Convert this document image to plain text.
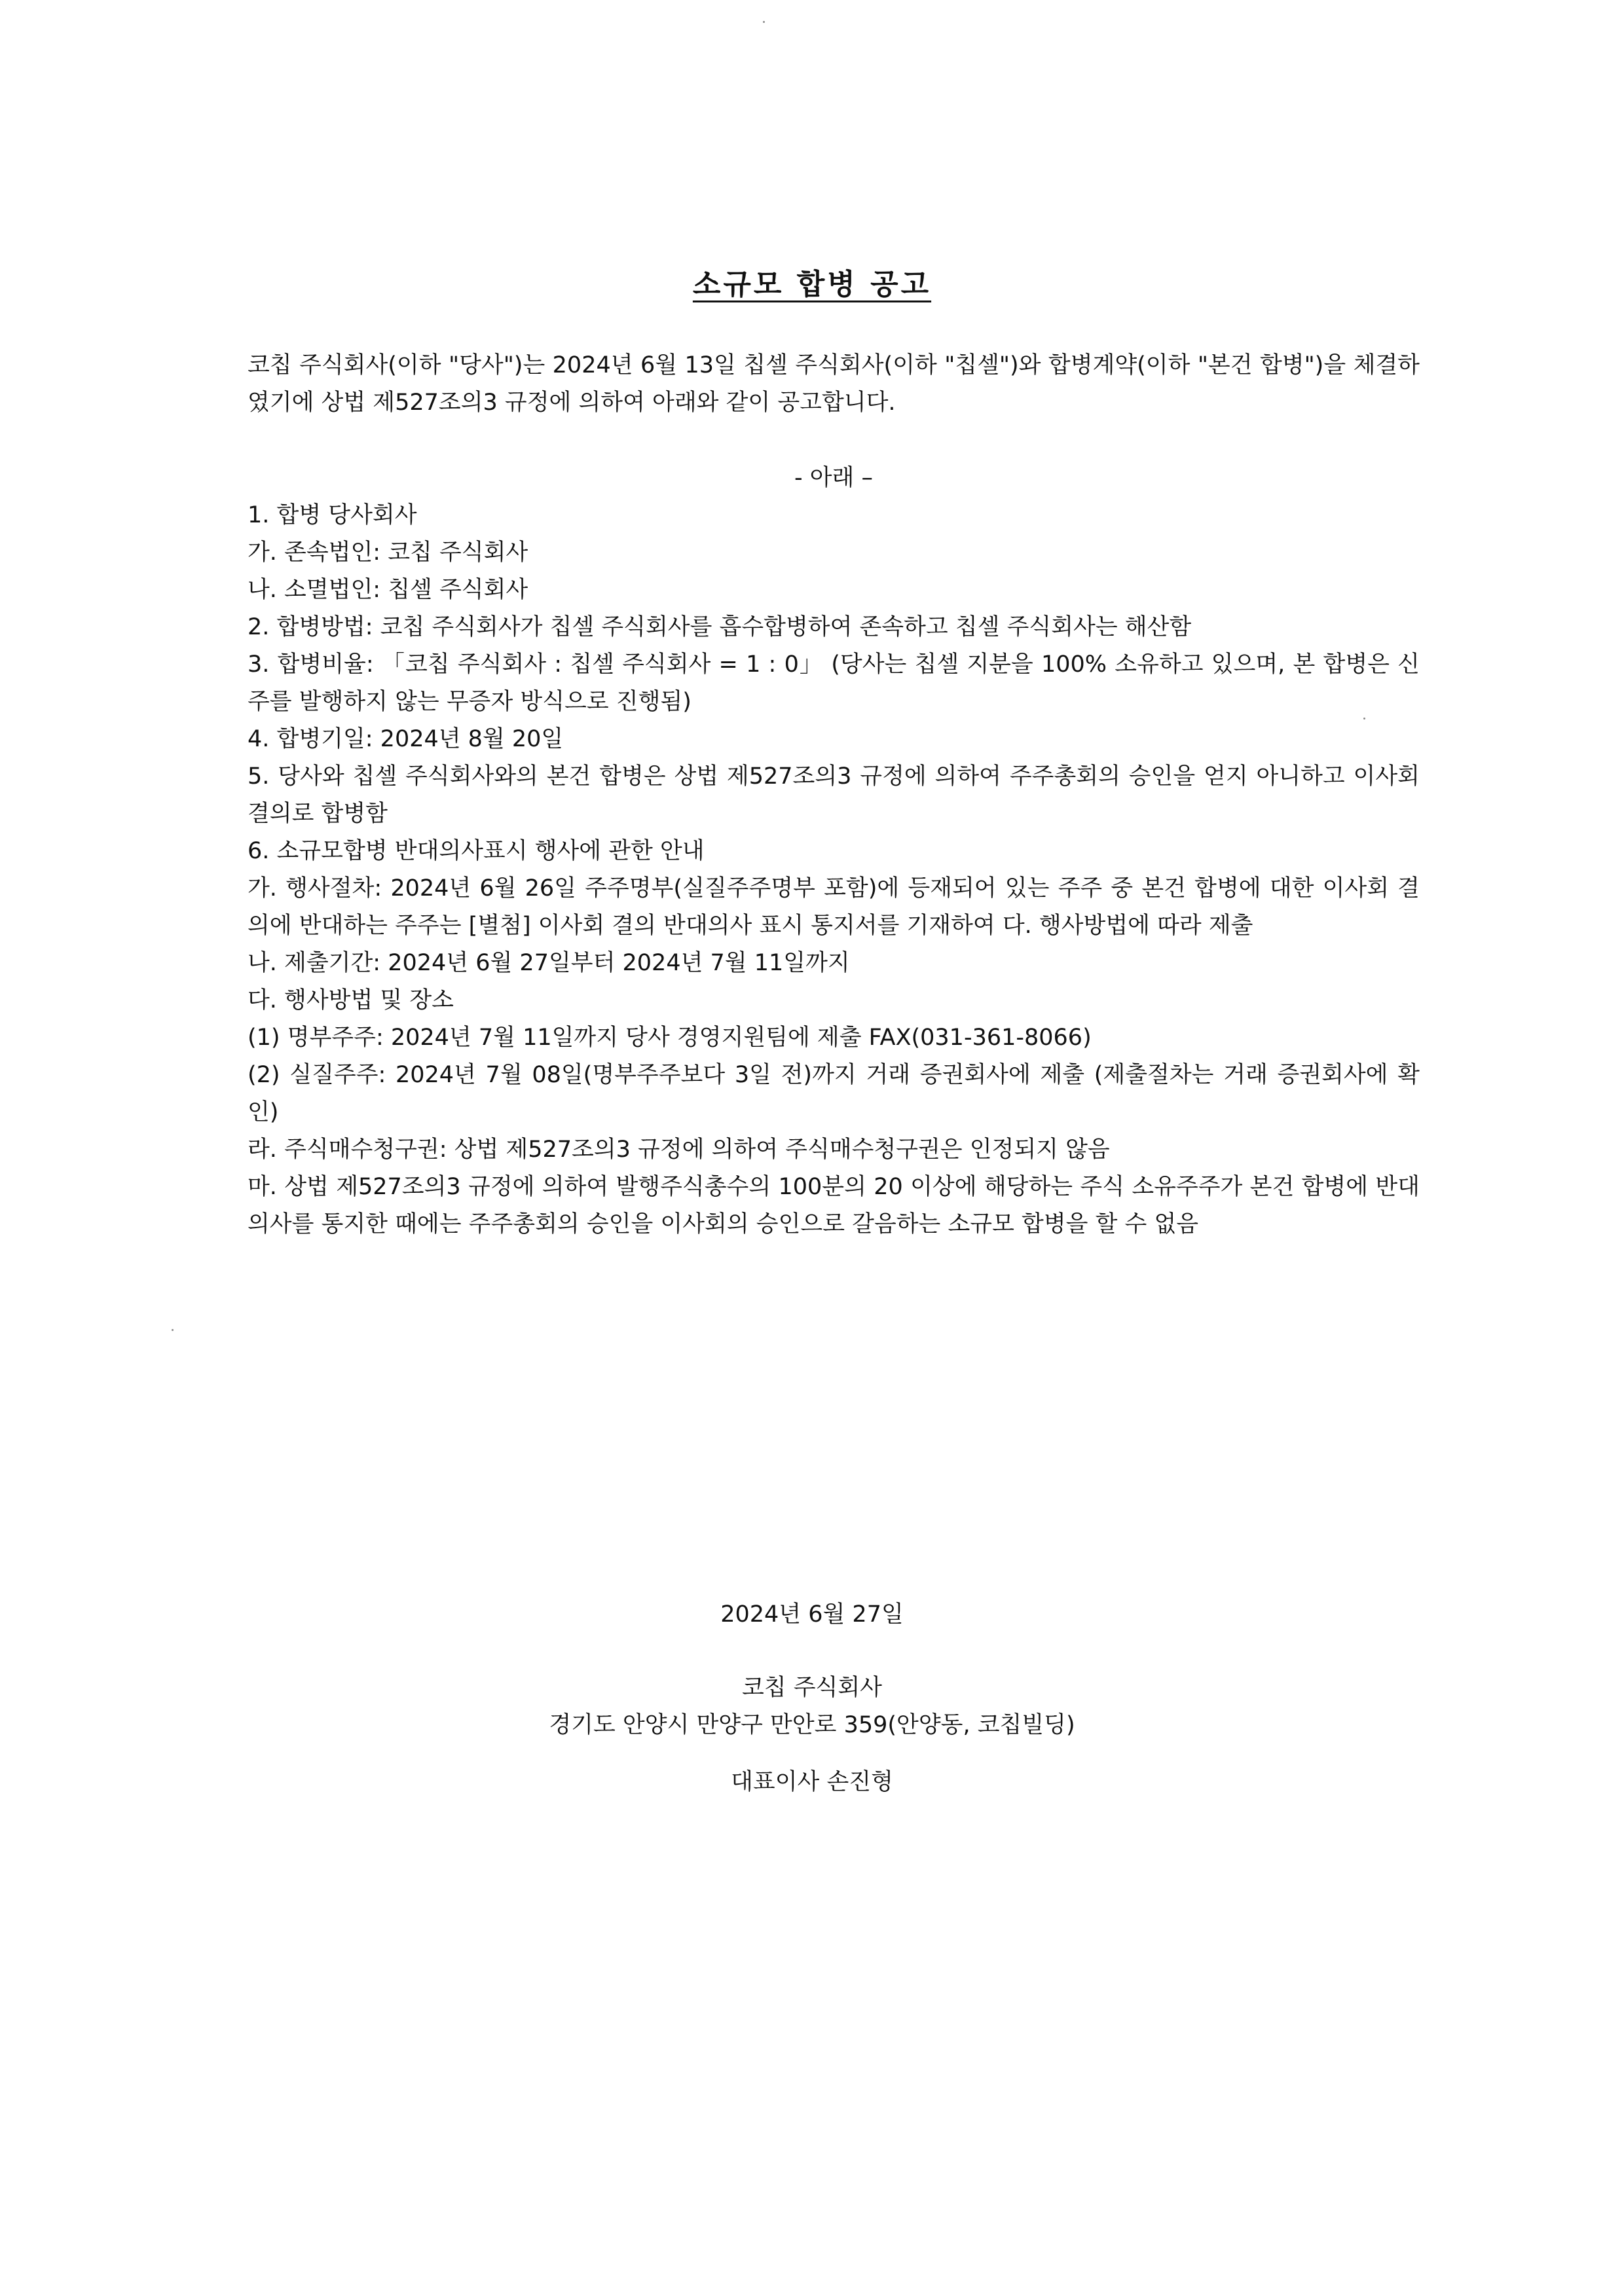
소규모 합병 공고

코칩 주식회사(이하 "당사")는 2024년 6월 13일 칩셀 주식회사(이하 "칩셀")와 합병계약(이하 "본건 합병")을 체결하였기에 상법 제527조의3 규정에 의하여 아래와 같이 공고합니다.

- 아래 –

1. 합병 당사회사
가. 존속법인: 코칩 주식회사
나. 소멸법인: 칩셀 주식회사
2. 합병방법: 코칩 주식회사가 칩셀 주식회사를 흡수합병하여 존속하고 칩셀 주식회사는 해산함
3. 합병비율: 「코칩 주식회사 : 칩셀 주식회사 = 1 : 0」 (당사는 칩셀 지분을 100% 소유하고 있으며, 본 합병은 신주를 발행하지 않는 무증자 방식으로 진행됨)
4. 합병기일: 2024년 8월 20일
5. 당사와 칩셀 주식회사와의 본건 합병은 상법 제527조의3 규정에 의하여 주주총회의 승인을 얻지 아니하고 이사회 결의로 합병함
6. 소규모합병 반대의사표시 행사에 관한 안내
가. 행사절차: 2024년 6월 26일 주주명부(실질주주명부 포함)에 등재되어 있는 주주 중 본건 합병에 대한 이사회 결의에 반대하는 주주는 [별첨] 이사회 결의 반대의사 표시 통지서를 기재하여 다. 행사방법에 따라 제출
나. 제출기간: 2024년 6월 27일부터 2024년 7월 11일까지
다. 행사방법 및 장소
(1) 명부주주: 2024년 7월 11일까지 당사 경영지원팀에 제출 FAX(031-361-8066)
(2) 실질주주: 2024년 7월 08일(명부주주보다 3일 전)까지 거래 증권회사에 제출 (제출절차는 거래 증권회사에 확인)
라. 주식매수청구권: 상법 제527조의3 규정에 의하여 주식매수청구권은 인정되지 않음
마. 상법 제527조의3 규정에 의하여 발행주식총수의 100분의 20 이상에 해당하는 주식 소유주주가 본건 합병에 반대의사를 통지한 때에는 주주총회의 승인을 이사회의 승인으로 갈음하는 소규모 합병을 할 수 없음

2024년 6월 27일

코칩 주식회사

경기도 안양시 만양구 만안로 359(안양동, 코칩빌딩)

대표이사 손진형
